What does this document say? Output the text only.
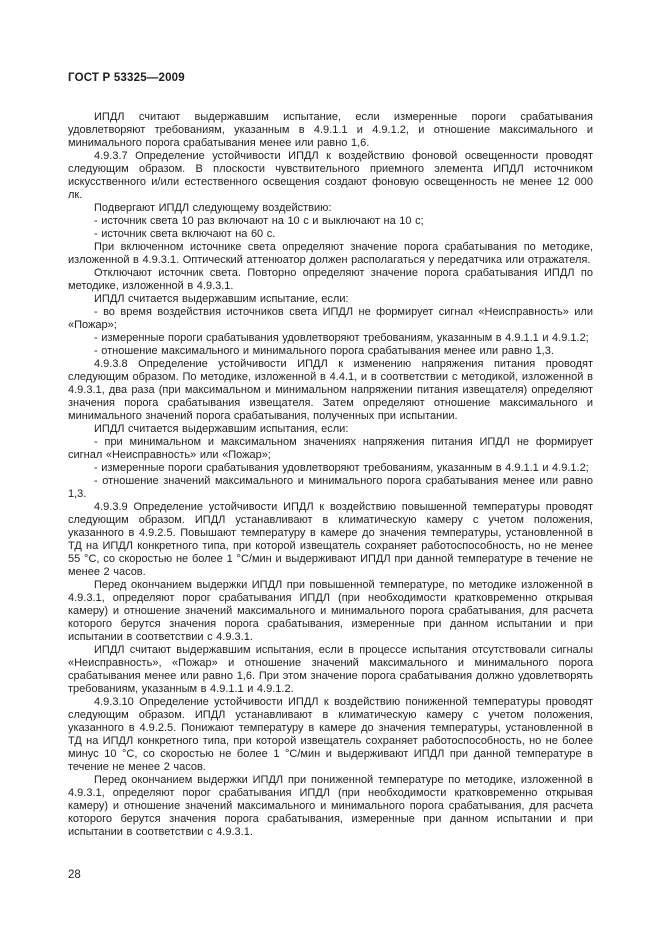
ГОСТ Р 53325—2009

ИПДЛ считают выдержавшим испытание, если измеренные пороги срабатывания удовлетворяют требованиям, указанным в 4.9.1.1 и 4.9.1.2, и отношение максимального и минимального порога срабатывания менее или равно 1,6.

4.9.3.7 Определение устойчивости ИПДЛ к воздействию фоновой освещенности проводят следующим образом. В плоскости чувствительного приемного элемента ИПДЛ источником искусственного и/или естественного освещения создают фоновую освещенность не менее 12 000 лк.

Подвергают ИПДЛ следующему воздействию:

- источник света 10 раз включают на 10 с и выключают на 10 с;

- источник света включают на 60 с.

При включенном источнике света определяют значение порога срабатывания по методике, изложенной в 4.9.3.1. Оптический аттенюатор должен располагаться у передатчика или отражателя.

Отключают источник света. Повторно определяют значение порога срабатывания ИПДЛ по методике, изложенной в 4.9.3.1.

ИПДЛ считается выдержавшим испытание, если:

- во время воздействия источников света ИПДЛ не формирует сигнал «Неисправность» или «Пожар»;

- измеренные пороги срабатывания удовлетворяют требованиям, указанным в 4.9.1.1 и 4.9.1.2;

- отношение максимального и минимального порога срабатывания менее или равно 1,3.

4.9.3.8 Определение устойчивости ИПДЛ к изменению напряжения питания проводят следующим образом. По методике, изложенной в 4.4.1, и в соответствии с методикой, изложенной в 4.9.3.1, два раза (при максимальном и минимальном напряжении питания извещателя) определяют значения порога срабатывания извещателя. Затем определяют отношение максимального и минимального значений порога срабатывания, полученных при испытании.

ИПДЛ считается выдержавшим испытания, если:

- при минимальном и максимальном значениях напряжения питания ИПДЛ не формирует сигнал «Неисправность» или «Пожар»;

- измеренные пороги срабатывания удовлетворяют требованиям, указанным в 4.9.1.1 и 4.9.1.2;

- отношение значений максимального и минимального порога срабатывания менее или равно 1,3.

4.9.3.9 Определение устойчивости ИПДЛ к воздействию повышенной температуры проводят следующим образом. ИПДЛ устанавливают в климатическую камеру с учетом положения, указанного в 4.9.2.5. Повышают температуру в камере до значения температуры, установленной в ТД на ИПДЛ конкретного типа, при которой извещатель сохраняет работоспособность, но не менее 55 °С, со скоростью не более 1 °С/мин и выдерживают ИПДЛ при данной температуре в течение не менее 2 часов.

Перед окончанием выдержки ИПДЛ при повышенной температуре, по методике изложенной в 4.9.3.1, определяют порог срабатывания ИПДЛ (при необходимости кратковременно открывая камеру) и отношение значений максимального и минимального порога срабатывания, для расчета которого берутся значения порога срабатывания, измеренные при данном испытании и при испытании в соответствии с 4.9.3.1.

ИПДЛ считают выдержавшим испытания, если в процессе испытания отсутствовали сигналы «Неисправность», «Пожар» и отношение значений максимального и минимального порога срабатывания менее или равно 1,6. При этом значение порога срабатывания должно удовлетворять требованиям, указанным в 4.9.1.1 и 4.9.1.2.

4.9.3.10 Определение устойчивости ИПДЛ к воздействию пониженной температуры проводят следующим образом. ИПДЛ устанавливают в климатическую камеру с учетом положения, указанного в 4.9.2.5. Понижают температуру в камере до значения температуры, установленной в ТД на ИПДЛ конкретного типа, при которой извещатель сохраняет работоспособность, но не более минус 10 °С, со скоростью не более 1 °С/мин и выдерживают ИПДЛ при данной температуре в течение не менее 2 часов.

Перед окончанием выдержки ИПДЛ при пониженной температуре по методике, изложенной в 4.9.3.1, определяют порог срабатывания ИПДЛ (при необходимости кратковременно открывая камеру) и отношение значений максимального и минимального порога срабатывания, для расчета которого берутся значения порога срабатывания, измеренные при данном испытании и при испытании в соответствии с 4.9.3.1.

28
